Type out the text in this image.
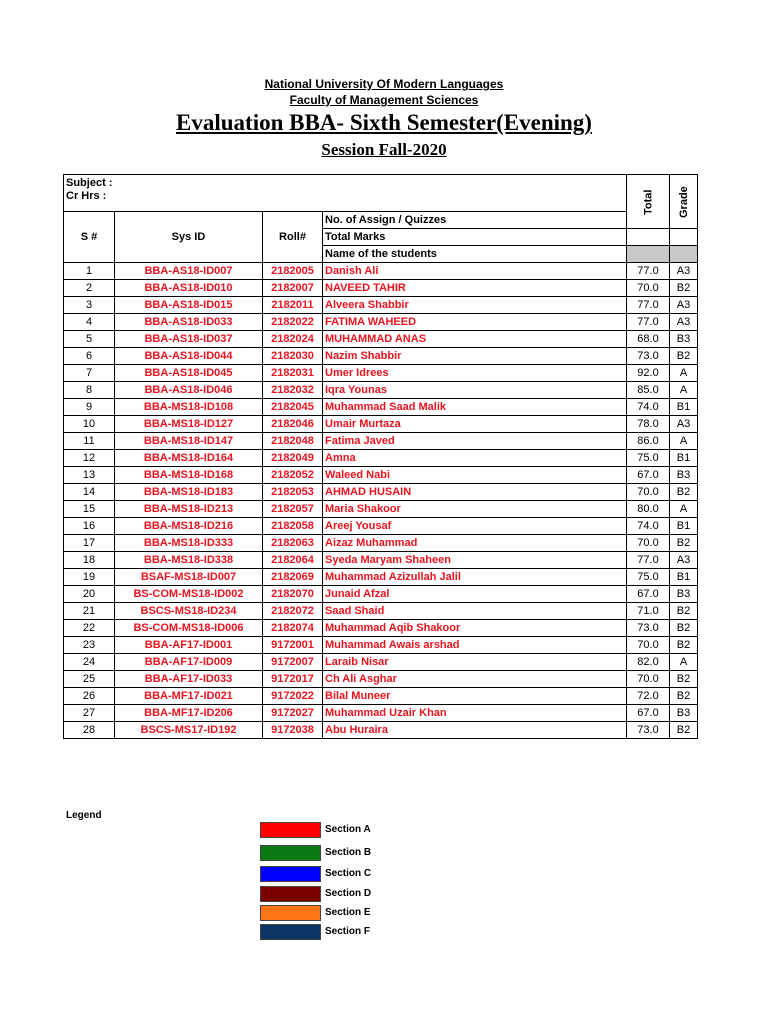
National University Of Modern Languages
Faculty of Management Sciences
Evaluation BBA- Sixth Semester(Evening)
Session Fall-2020
Subject :
Cr Hrs :				Total	Grade
S #	Sys ID	Roll#	No. of Assign / Quizzes		
			Total Marks		
			Name of the students		
1	BBA-AS18-ID007	2182005	Danish Ali	77.0	A3
2	BBA-AS18-ID010	2182007	NAVEED TAHIR	70.0	B2
3	BBA-AS18-ID015	2182011	Alveera Shabbir	77.0	A3
4	BBA-AS18-ID033	2182022	FATIMA WAHEED	77.0	A3
5	BBA-AS18-ID037	2182024	MUHAMMAD ANAS	68.0	B3
6	BBA-AS18-ID044	2182030	Nazim Shabbir	73.0	B2
7	BBA-AS18-ID045	2182031	Umer Idrees	92.0	A
8	BBA-AS18-ID046	2182032	Iqra Younas	85.0	A
9	BBA-MS18-ID108	2182045	Muhammad Saad Malik	74.0	B1
10	BBA-MS18-ID127	2182046	Umair Murtaza	78.0	A3
11	BBA-MS18-ID147	2182048	Fatima Javed	86.0	A
12	BBA-MS18-ID164	2182049	Amna	75.0	B1
13	BBA-MS18-ID168	2182052	Waleed Nabi	67.0	B3
14	BBA-MS18-ID183	2182053	AHMAD HUSAIN	70.0	B2
15	BBA-MS18-ID213	2182057	Maria Shakoor	80.0	A
16	BBA-MS18-ID216	2182058	Areej Yousaf	74.0	B1
17	BBA-MS18-ID333	2182063	Aizaz Muhammad	70.0	B2
18	BBA-MS18-ID338	2182064	Syeda Maryam Shaheen	77.0	A3
19	BSAF-MS18-ID007	2182069	Muhammad Azizullah Jalil	75.0	B1
20	BS-COM-MS18-ID002	2182070	Junaid Afzal	67.0	B3
21	BSCS-MS18-ID234	2182072	Saad Shaid	71.0	B2
22	BS-COM-MS18-ID006	2182074	Muhammad Aqib Shakoor	73.0	B2
23	BBA-AF17-ID001	9172001	Muhammad Awais arshad	70.0	B2
24	BBA-AF17-ID009	9172007	Laraib Nisar	82.0	A
25	BBA-AF17-ID033	9172017	Ch Ali Asghar	70.0	B2
26	BBA-MF17-ID021	9172022	Bilal Muneer	72.0	B2
27	BBA-MF17-ID206	9172027	Muhammad Uzair Khan	67.0	B3
28	BSCS-MS17-ID192	9172038	Abu Huraira	73.0	B2
Legend
Section A
Section B
Section C
Section D
Section E
Section F
